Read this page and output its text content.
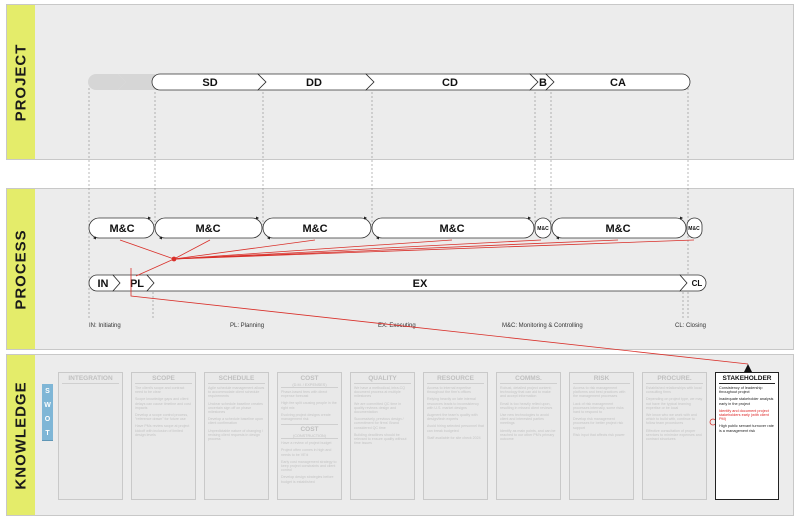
PROJECT
PROCESS
KNOWLEDGE
SD	DD	CD	B	CA
M&C	M&C	M&C	M&C	M&C	M&C	M&C
IN PL	EX	CL
IN: Initiating	PL: Planning	EX: Executing	M&C: Monitoring & Controlling	CL: Closing
S
W
O
T
INTEGRATION	SCOPE

The client's scope and contract need to be clear

Scope knowledge gaps and client delays can cause timeline and cost impacts

Develop a scope control process, "reference drawn" for future use

Have PMs review scope at project kickoff with inclusion of limited design levels

SCHEDULE

Agile schedule management allows to accommodate client schedule requirements

Unclear schedule baseline creates uncertain sign off on phase milestones

Develop a schedule baseline upon client confirmation

Unpredictable nature of changing / revising client requests in design process

COST
(D.M. / EXPENSES)

Phase-based fees with direct expense forecast

High fee split causing people in the right mix

Evolving project designs create management risk

COST
(CONSTRUCTION)

Have a review of project budget

Project often comes in high and needs to be VE'd

Early cost management strategy to keep project constraints and client control

Develop design strategies before budget is established

QUALITY

We have a methodical, intra-CQ document process at multiple milestones

We are committed QC time in quality reviews design and documentation

Successively, previous design / commitment for firms' Brand considered QC time

Building deadlines should be relevant to ensure quality without time issues

RESOURCE

Access to internal expertise throughout the firm's offices

Relying heavily on late internal resources leads to inconsistency with U.S. market designs

Augment the team's quality with design/tech experts

Avoid hiring selected personnel that can break budgeted

Staff available for site check 2024

COMMS.

Robust, detailed project content; technology that can aid to make and accept information

Email is too heavily relied upon, resulting in missed client reviews

Use new technologies to avoid client and interested parties meetings

Identify as main points, and can be reached to our other PM's primary outcome

RISK

Access to risk management platforms and best practices with the management processes

Lack of risk management processes internally, some risks hard to respond to

Develop risk management processes for better project risk support

Risk input that affects risk power

PROCURE.

Established relationships with local consulting firms

Depending on project type, we may not have the typical teaming expertise or be local

We know who we work with and which to build with, continue to follow team procedures

Effective consultation of proper services to minimize expenses and contract structures

STAKEHOLDER

Consistency of leadership throughout project

Inadequate stakeholder analysis early in the project

Identify and document project stakeholders early (with client PM)

High public servant turnover rate is a management risk
